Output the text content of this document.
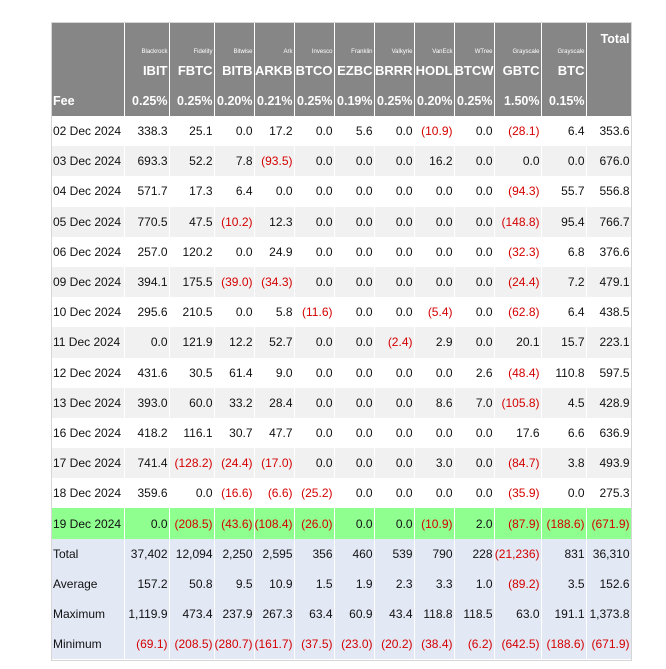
	Blackrock	Fidelity	Bitwise	Ark	Invesco	Franklin	Valkyrie	VanEck	WTree	Grayscale	Grayscale	Total
	IBIT	FBTC	BITB	ARKB	BTCO	EZBC	BRRR	HODL	BTCW	GBTC	BTC	
Fee	0.25%	0.25%	0.20%	0.21%	0.25%	0.19%	0.25%	0.20%	0.25%	1.50%	0.15%	
02 Dec 2024	338.3	25.1	0.0	17.2	0.0	5.6	0.0	(10.9)	0.0	(28.1)	6.4	353.6
03 Dec 2024	693.3	52.2	7.8	(93.5)	0.0	0.0	0.0	16.2	0.0	0.0	0.0	676.0
04 Dec 2024	571.7	17.3	6.4	0.0	0.0	0.0	0.0	0.0	0.0	(94.3)	55.7	556.8
05 Dec 2024	770.5	47.5	(10.2)	12.3	0.0	0.0	0.0	0.0	0.0	(148.8)	95.4	766.7
06 Dec 2024	257.0	120.2	0.0	24.9	0.0	0.0	0.0	0.0	0.0	(32.3)	6.8	376.6
09 Dec 2024	394.1	175.5	(39.0)	(34.3)	0.0	0.0	0.0	0.0	0.0	(24.4)	7.2	479.1
10 Dec 2024	295.6	210.5	0.0	5.8	(11.6)	0.0	0.0	(5.4)	0.0	(62.8)	6.4	438.5
11 Dec 2024	0.0	121.9	12.2	52.7	0.0	0.0	(2.4)	2.9	0.0	20.1	15.7	223.1
12 Dec 2024	431.6	30.5	61.4	9.0	0.0	0.0	0.0	0.0	2.6	(48.4)	110.8	597.5
13 Dec 2024	393.0	60.0	33.2	28.4	0.0	0.0	0.0	8.6	7.0	(105.8)	4.5	428.9
16 Dec 2024	418.2	116.1	30.7	47.7	0.0	0.0	0.0	0.0	0.0	17.6	6.6	636.9
17 Dec 2024	741.4	(128.2)	(24.4)	(17.0)	0.0	0.0	0.0	3.0	0.0	(84.7)	3.8	493.9
18 Dec 2024	359.6	0.0	(16.6)	(6.6)	(25.2)	0.0	0.0	0.0	0.0	(35.9)	0.0	275.3
19 Dec 2024	0.0	(208.5)	(43.6)	(108.4)	(26.0)	0.0	0.0	(10.9)	2.0	(87.9)	(188.6)	(671.9)
Total	37,402	12,094	2,250	2,595	356	460	539	790	228	(21,236)	831	36,310
Average	157.2	50.8	9.5	10.9	1.5	1.9	2.3	3.3	1.0	(89.2)	3.5	152.6
Maximum	1,119.9	473.4	237.9	267.3	63.4	60.9	43.4	118.8	118.5	63.0	191.1	1,373.8
Minimum	(69.1)	(208.5)	(280.7)	(161.7)	(37.5)	(23.0)	(20.2)	(38.4)	(6.2)	(642.5)	(188.6)	(671.9)
